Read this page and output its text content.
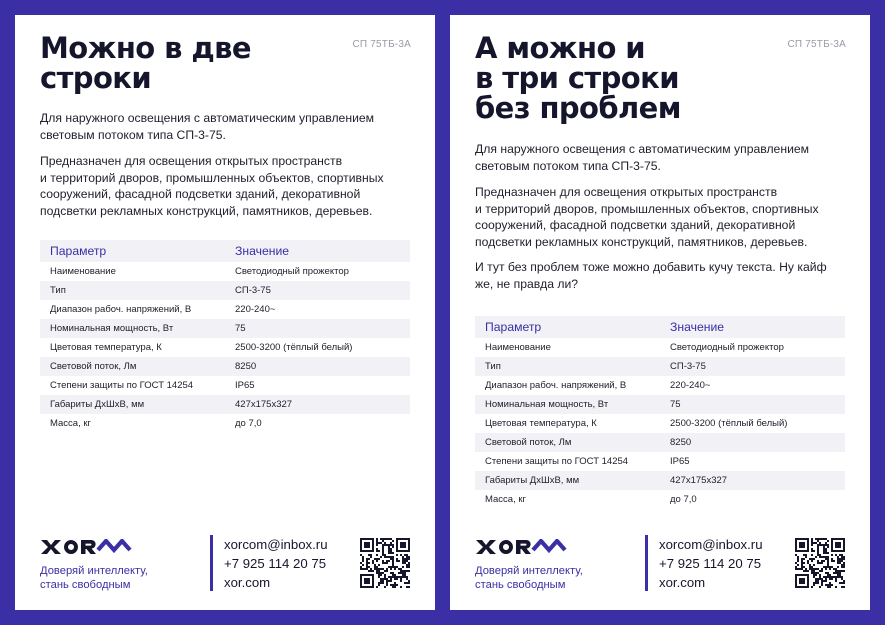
СП 75ТБ-3А
Можно в две
строки

Для наружного освещения с автоматическим управлением
световым потоком типа СП-3-75.

Предназначен для освещения открытых пространств
и территорий дворов, промышленных объектов, спортивных
сооружений, фасадной подсветки зданий, декоративной
подсветки рекламных конструкций, памятников, деревьев.

Параметр	Значение
Наименование	Светодиодный прожектор
Тип	СП-3-75
Диапазон рабоч. напряжений, В	220-240~
Номинальная мощность, Вт	75
Цветовая температура, К	2500-3200 (тёплый белый)
Световой поток, Лм	8250
Степени защиты по ГОСТ 14254	IP65
Габариты ДхШхВ, мм	427x175x327
Масса, кг	до 7,0

Доверяй интеллекту,
стань свободным

xorcom@inbox.ru
+7 925 114 20 75
xor.com
СП 75ТБ-3А
А можно и
в три строки
без проблем

Для наружного освещения с автоматическим управлением
световым потоком типа СП-3-75.

Предназначен для освещения открытых пространств
и территорий дворов, промышленных объектов, спортивных
сооружений, фасадной подсветки зданий, декоративной
подсветки рекламных конструкций, памятников, деревьев.

И тут без проблем тоже можно добавить кучу текста. Ну кайф
же, не правда ли?

Параметр	Значение
Наименование	Светодиодный прожектор
Тип	СП-3-75
Диапазон рабоч. напряжений, В	220-240~
Номинальная мощность, Вт	75
Цветовая температура, К	2500-3200 (тёплый белый)
Световой поток, Лм	8250
Степени защиты по ГОСТ 14254	IP65
Габариты ДхШхВ, мм	427x175x327
Масса, кг	до 7,0

Доверяй интеллекту,
стань свободным

xorcom@inbox.ru
+7 925 114 20 75
xor.com
